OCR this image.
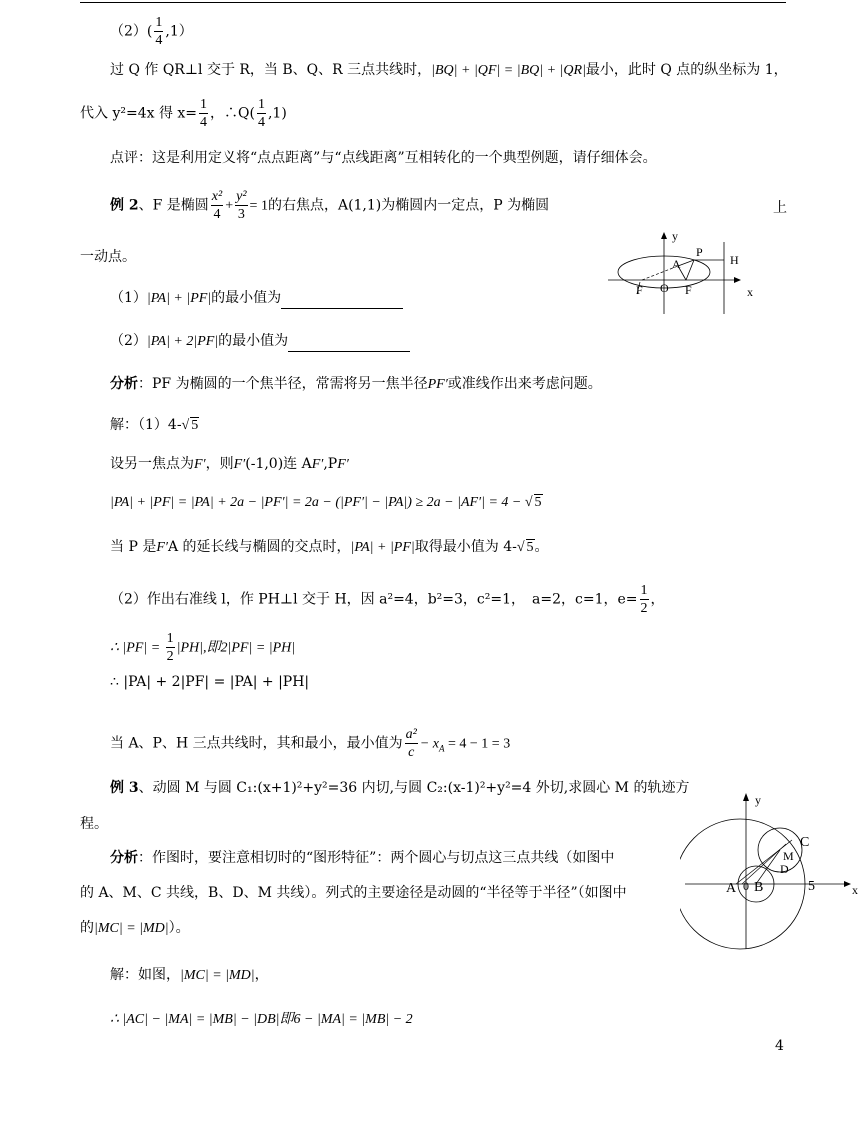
$(2)( \frac{1}{4} ,1)$
过 Q 作 QR⊥l 交于 R，当 B、Q、R 三点共线时，|BQ| + |QF| = |BQ| + |QR|最小，此时 Q 点的纵坐标为 1，
代入 y²=4x 得 $x= \frac{1}{4}$ ，∴Q( $\frac{1}{4} ,1$)
点评：这是利用定义将“点点距离”与“点线距离”互相转化的一个典型例题，请仔细体会。
例 2、F 是椭圆 $\frac{\text{x²}}{4} + \frac{\text{y²}}{3} = 1$的右焦点，A(1,1)为椭圆内一定点，P 为椭圆	上
一动点。
y
x
P
H
A
F O F
（1）|PA| + |PF|的最小值为
（2）|PA| + 2|PF|的最小值为
分析：PF 为椭圆的一个焦半径，常需将另一焦半径PF′或准线作出来考虑问题。
解：（1）4-√ 5
设另一焦点为F′，则F′(-1,0)连 AF′,PF′
|PA| + |PF| = |PA| + 2a − |PF′| = 2a − (|PF′| − |PA|) ≥ 2a − |AF′| = 4 − √ 5
当 P 是F′A 的延长线与椭圆的交点时，|PA| + |PF|取得最小值为 4-√ 5。
（2）作出右准线 l，作 PH⊥l 交于 H，因 a²=4，b²=3，c²=1，　a=2，c=1，$e= \frac{1}{2}$ ，
∴ $|PF| = \frac{1}{2} |PH|$,即2|PF| = |PH|
∴ |PA| + 2|PF| = |PA| + |PH|
当 A、P、H 三点共线时，其和最小，最小值为 $\frac{\text{a²}}{c} - x_A = 4 - 1 = 3$
例 3、动圆 M 与圆 C₁:(x+1)²+y²=36 内切,与圆 C₂:(x-1)²+y²=4 外切,求圆心 M 的轨迹方
程。
分析：作图时，要注意相切时的“图形特征”：两个圆心与切点这三点共线（如图中
的 A、M、C 共线，B、D、M 共线）。列式的主要途径是动圆的“半径等于半径”（如图中
的|MC| = |MD|）。
解：如图，|MC| = |MD|，
∴ |AC| − |MA| = |MB| − |DB|即6 − |MA| = |MB| − 2
y
x
C
M
D
A 0 B	5
4
